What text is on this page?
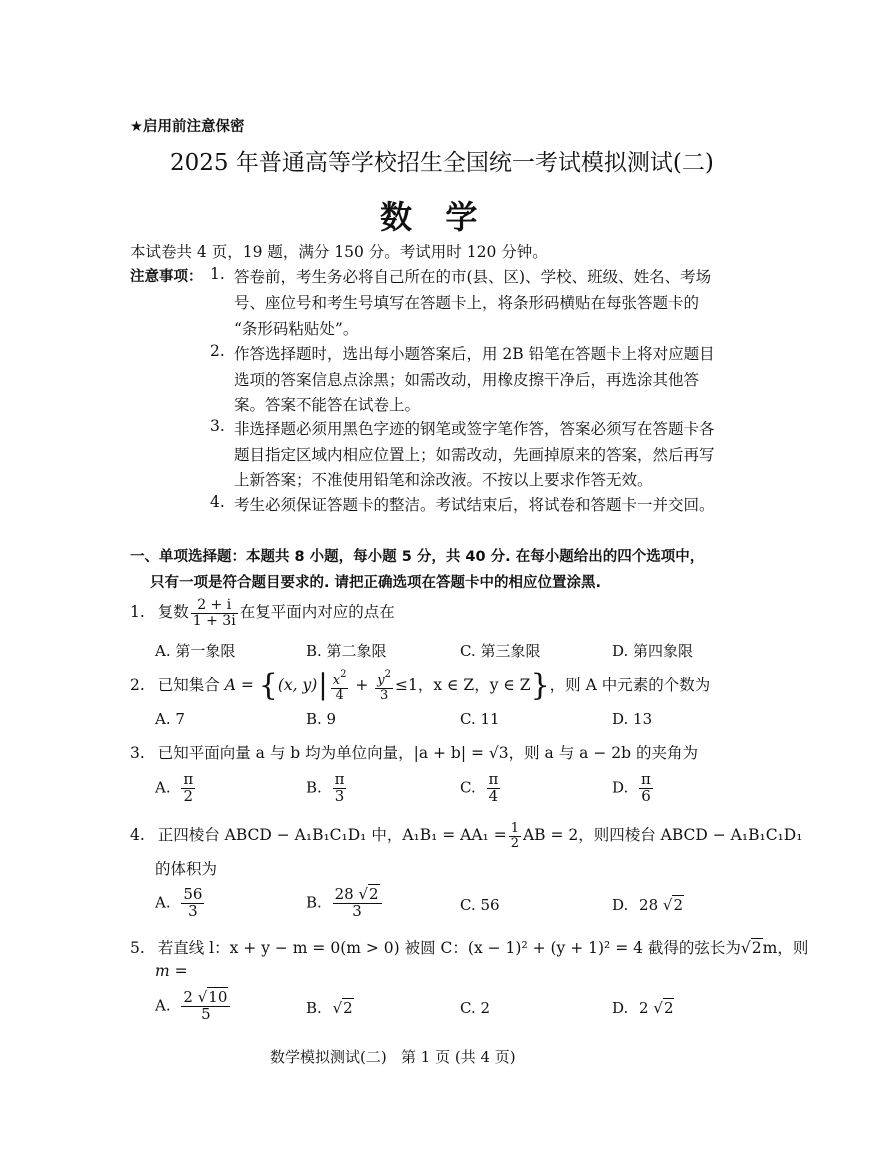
★启用前注意保密
2025 年普通高等学校招生全国统一考试模拟测试(二)
数   学
本试卷共 4 页，19 题，满分 150 分。考试用时 120 分钟。
注意事项： 1. 答卷前，考生务必将自己所在的市(县、区)、学校、班级、姓名、考场
号、座位号和考生号填写在答题卡上，将条形码横贴在每张答题卡的
“条形码粘贴处”。
2. 作答选择题时，选出每小题答案后，用 2B 铅笔在答题卡上将对应题目
选项的答案信息点涂黑；如需改动，用橡皮擦干净后，再选涂其他答
案。答案不能答在试卷上。
3. 非选择题必须用黑色字迹的钢笔或签字笔作答，答案必须写在答题卡各
题目指定区域内相应位置上；如需改动，先画掉原来的答案，然后再写
上新答案；不准使用铅笔和涂改液。不按以上要求作答无效。
4. 考生必须保证答题卡的整洁。考试结束后，将试卷和答题卡一并交回。
一、单项选择题：本题共 8 小题，每小题 5 分，共 40 分. 在每小题给出的四个选项中，
只有一项是符合题目要求的. 请把正确选项在答题卡中的相应位置涂黑.
1. 复数 $\frac{2 + i}{1 + 3i}$ 在复平面内对应的点在
A. 第一象限	B. 第二象限	C. 第三象限	D. 第四象限
2. 已知集合 A = {(x, $y)| \frac{x^2}{4} + \frac{y^2}{3} \le 1$，x ∈ Z，y ∈ Z}，则 A 中元素的个数为
A. 7	B. 9	C. 11	D. 13
3. 已知平面向量 a 与 b 均为单位向量，|a + b| = √3，则 a 与 a − 2b 的夹角为
A. $\frac{\pi}{2}$	B. $\frac{\pi}{3}$	C. $\frac{\pi}{4}$	D. $\frac{\pi}{6}$
4. 正四棱台 ABCD − A₁B₁C₁D₁ 中，$A_1B_1 = AA_1 = \frac{1}{2}$ AB = 2，则四棱台 ABCD − A₁B₁C₁D₁
的体积为
A. $\frac{56}{3}$	B. $\frac{28 √2}{3}$	C. 56	D. 28 √2
5. 若直线 l：x + y − m = 0(m > 0) 被圆 C：(x − 1)² + (y + 1)² = 4 截得的弦长为√2m，则
m =
A. $\frac{2 √10}{5}$	B. √2	C. 2	D. 2 √2
数学模拟测试(二)   第 1 页 (共 4 页)
